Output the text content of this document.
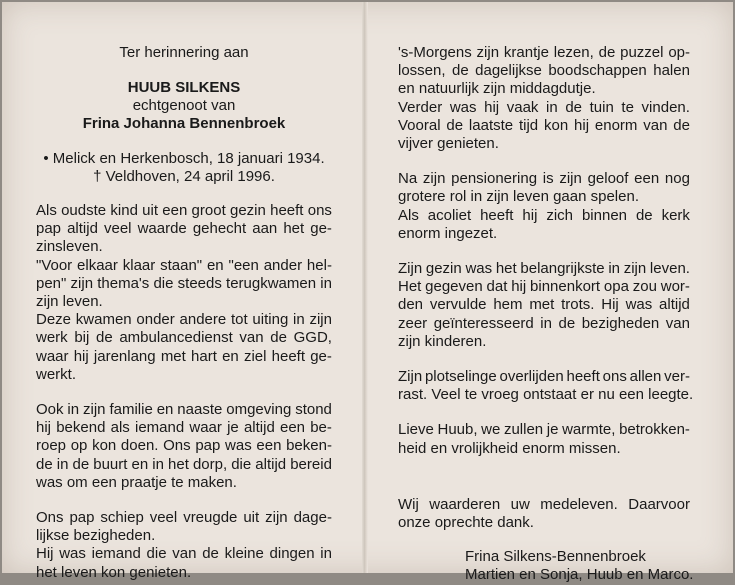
Ter herinnering aan
HUUB SILKENS
echtgenoot van
Frina Johanna Bennenbroek
• Melick en Herkenbosch, 18 januari 1934.
† Veldhoven, 24 april 1996.
Als oudste kind uit een groot gezin heeft ons
pap altijd veel waarde gehecht aan het ge-
zinsleven.
"Voor elkaar klaar staan" en "een ander hel-
pen" zijn thema's die steeds terugkwamen in
zijn leven.
Deze kwamen onder andere tot uiting in zijn
werk bij de ambulancedienst van de GGD,
waar hij jarenlang met hart en ziel heeft ge-
werkt.
Ook in zijn familie en naaste omgeving stond
hij bekend als iemand waar je altijd een be-
roep op kon doen. Ons pap was een beken-
de in de buurt en in het dorp, die altijd bereid
was om een praatje te maken.
Ons pap schiep veel vreugde uit zijn dage-
lijkse bezigheden.
Hij was iemand die van de kleine dingen in
het leven kon genieten.
's-Morgens zijn krantje lezen, de puzzel op-
lossen, de dagelijkse boodschappen halen
en natuurlijk zijn middagdutje.
Verder was hij vaak in de tuin te vinden.
Vooral de laatste tijd kon hij enorm van de
vijver genieten.
Na zijn pensionering is zijn geloof een nog
grotere rol in zijn leven gaan spelen.
Als acoliet heeft hij zich binnen de kerk
enorm ingezet.
Zijn gezin was het belangrijkste in zijn leven.
Het gegeven dat hij binnenkort opa zou wor-
den vervulde hem met trots. Hij was altijd
zeer geïnteresseerd in de bezigheden van
zijn kinderen.
Zijn plotselinge overlijden heeft ons allen ver-
rast. Veel te vroeg ontstaat er nu een leegte.
Lieve Huub, we zullen je warmte, betrokken-
heid en vrolijkheid enorm missen.
Wij waarderen uw medeleven. Daarvoor
onze oprechte dank.
Frina Silkens-Bennenbroek
Martien en Sonja, Huub en Marco.
